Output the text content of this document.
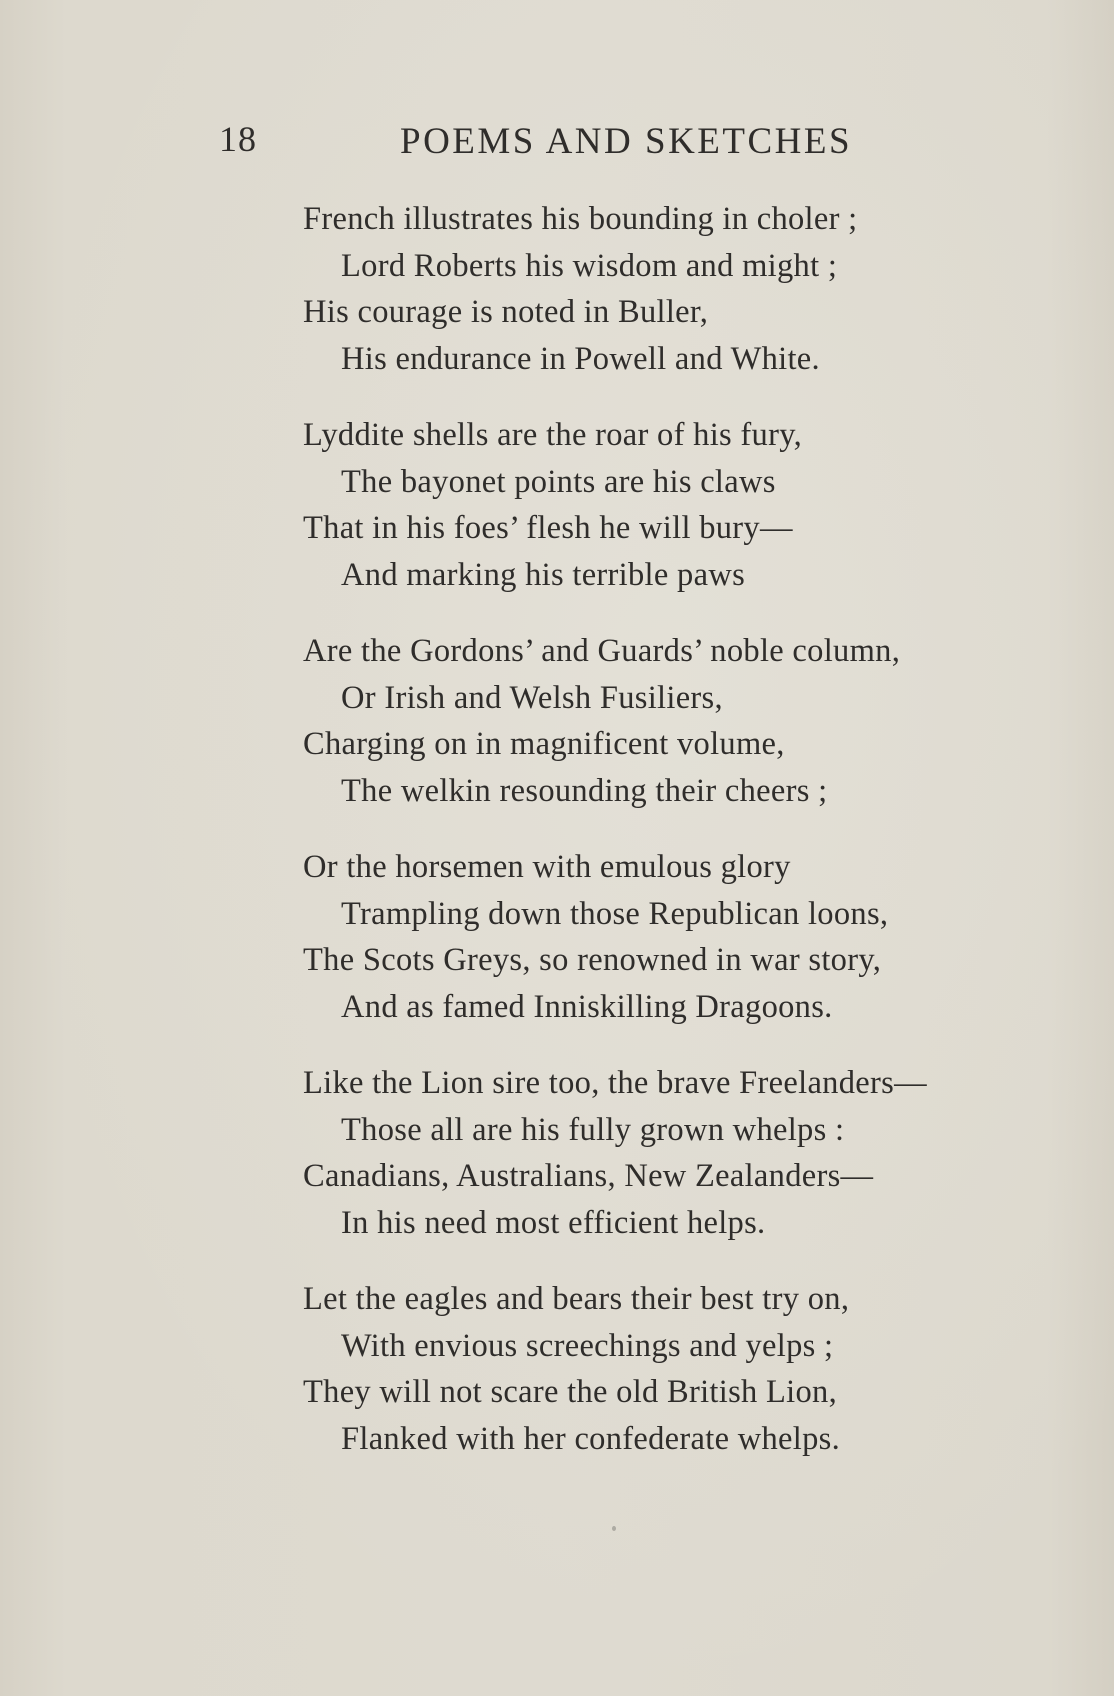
18	POEMS AND SKETCHES
French illustrates his bounding in choler ;
Lord Roberts his wisdom and might ;
His courage is noted in Buller,
His endurance in Powell and White.
Lyddite shells are the roar of his fury,
The bayonet points are his claws
That in his foes’ flesh he will bury—
And marking his terrible paws
Are the Gordons’ and Guards’ noble column,
Or Irish and Welsh Fusiliers,
Charging on in magnificent volume,
The welkin resounding their cheers ;
Or the horsemen with emulous glory
Trampling down those Republican loons,
The Scots Greys, so renowned in war story,
And as famed Inniskilling Dragoons.
Like the Lion sire too, the brave Freelanders—
Those all are his fully grown whelps :
Canadians, Australians, New Zealanders—
In his need most efficient helps.
Let the eagles and bears their best try on,
With envious screechings and yelps ;
They will not scare the old British Lion,
Flanked with her confederate whelps.
